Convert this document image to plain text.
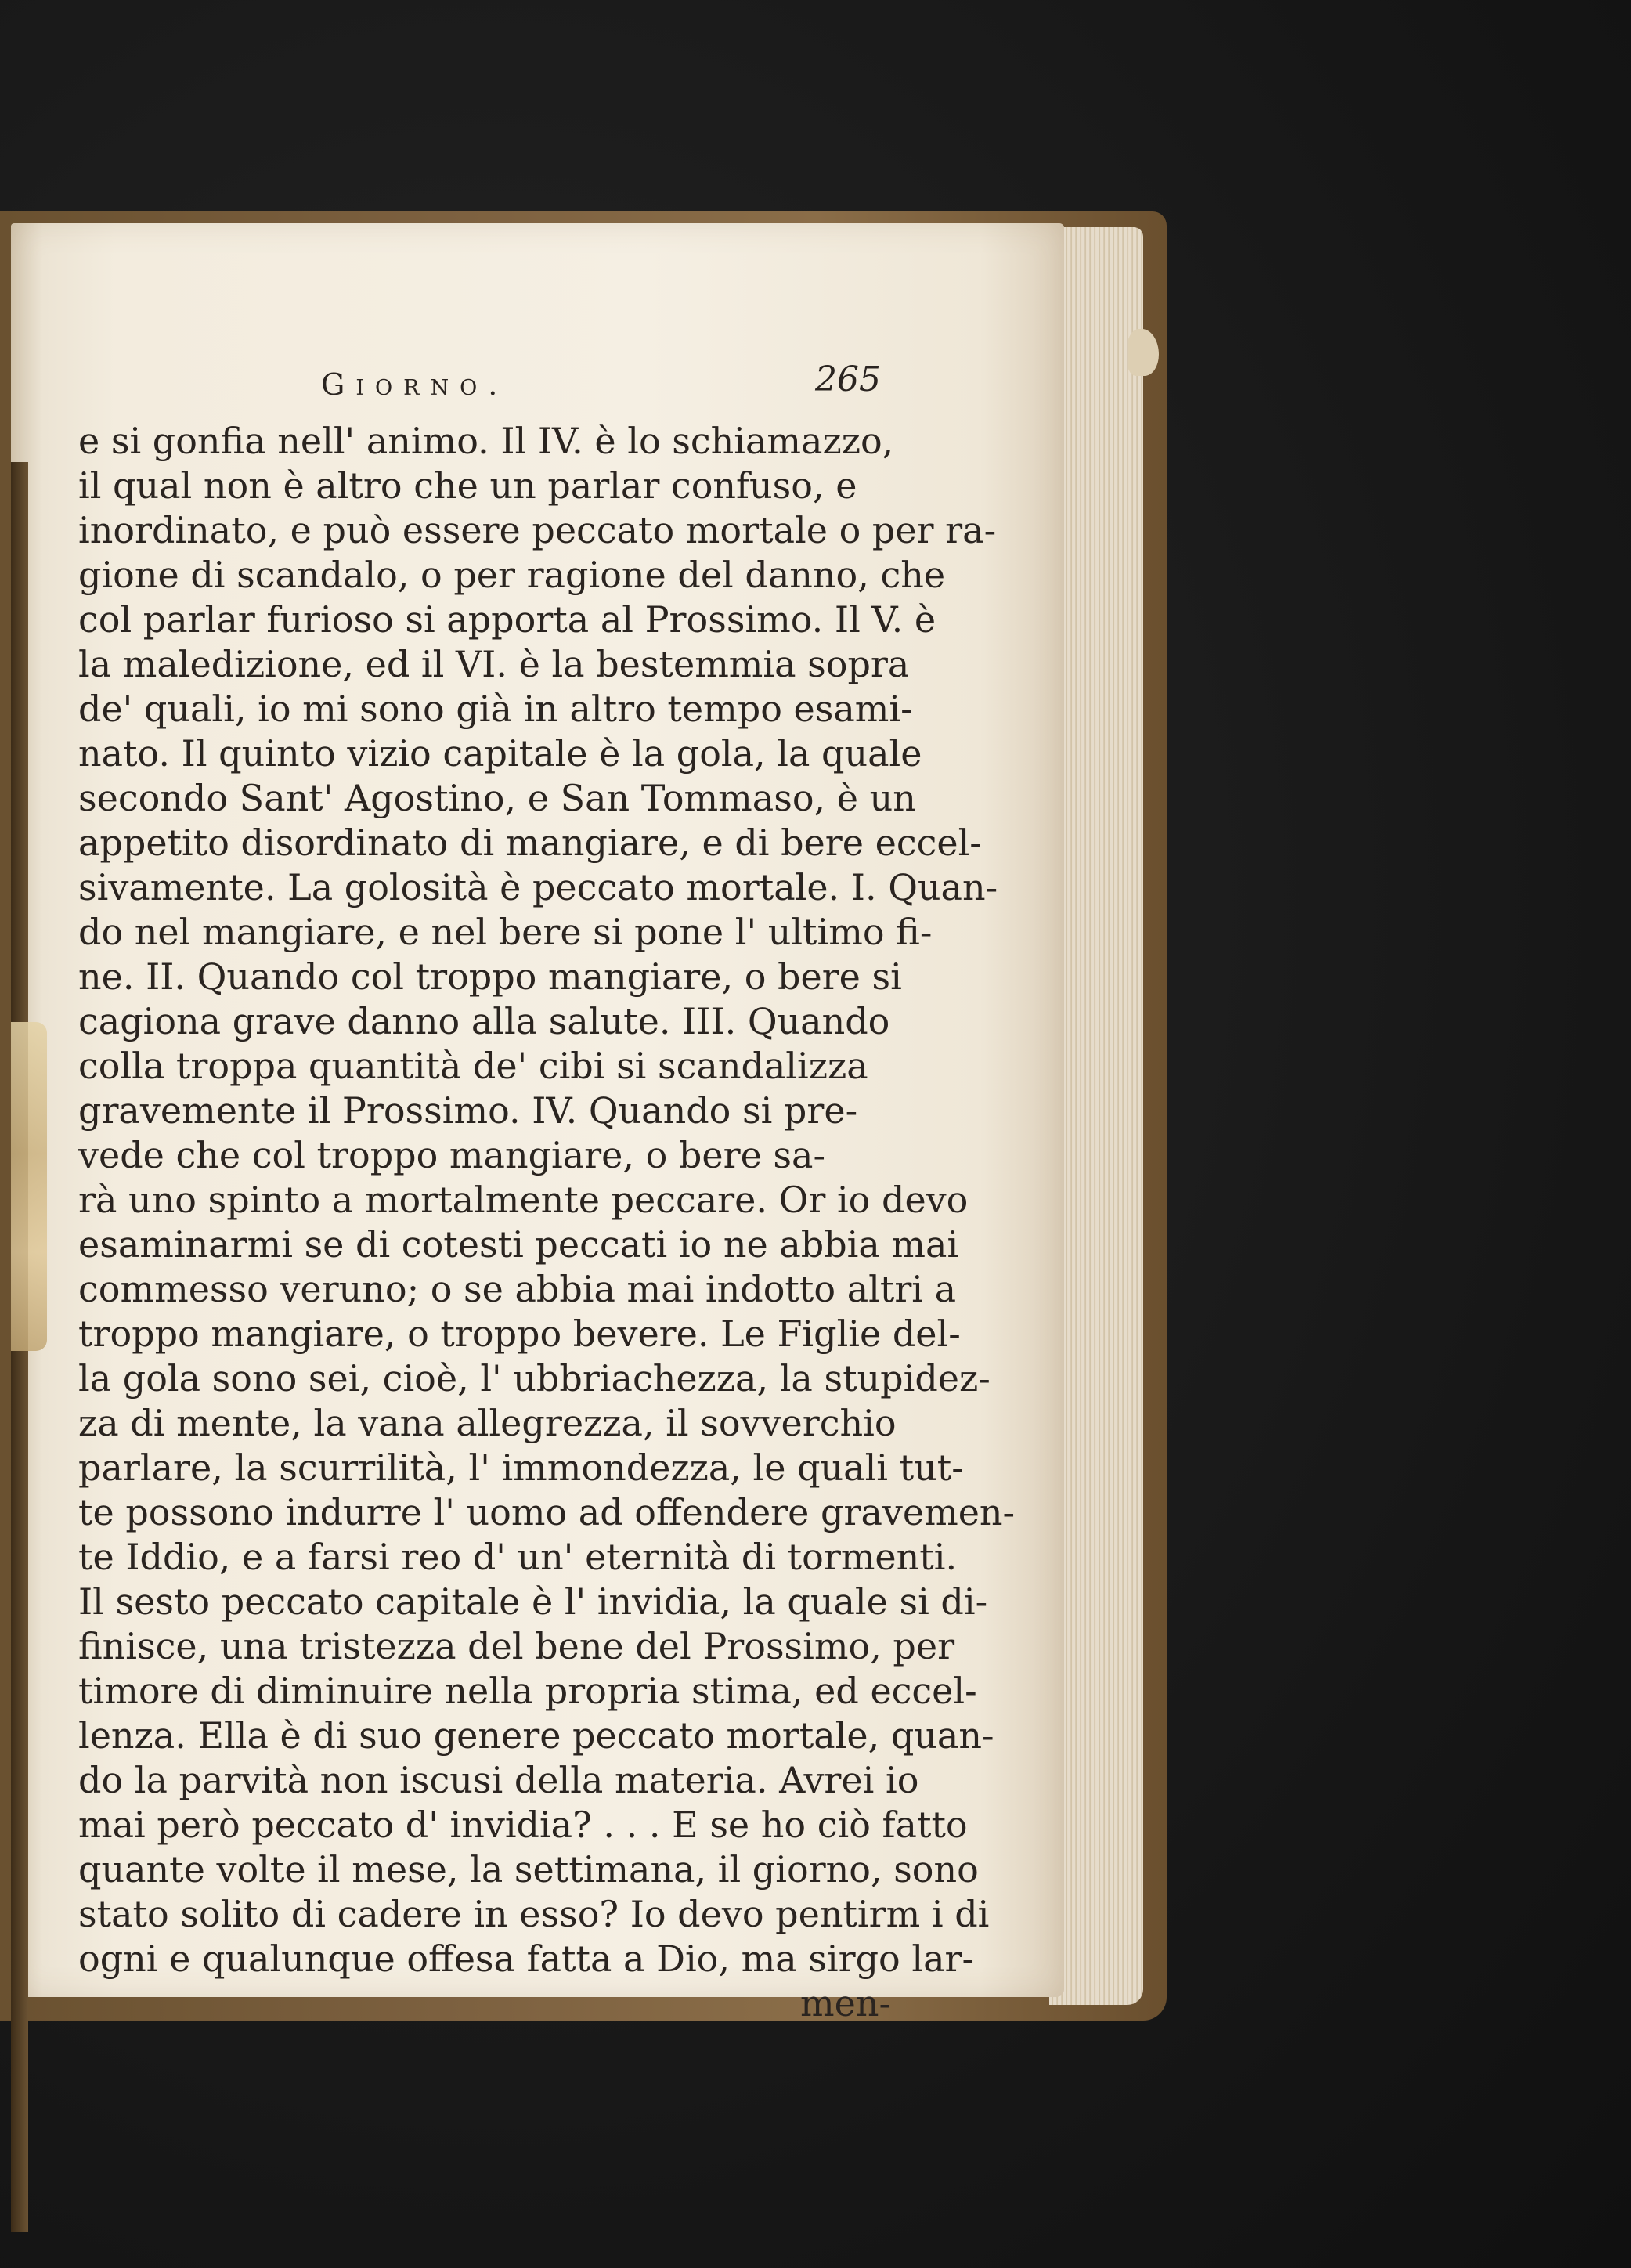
Giorno.	265
e si gonfia nell' animo. Il IV. è lo schiamazzo,
il qual non è altro che un parlar confuso, e
inordinato, e può essere peccato mortale o per ra-
gione di scandalo, o per ragione del danno, che
col parlar furioso si apporta al Prossimo. Il V. è
la maledizione, ed il VI. è la bestemmia sopra
de' quali, io mi sono già in altro tempo esami-
nato. Il quinto vizio capitale è la gola, la quale
secondo Sant' Agostino, e San Tommaso, è un
appetito disordinato di mangiare, e di bere eccel-
sivamente. La golosità è peccato mortale. I. Quan-
do nel mangiare, e nel bere si pone l' ultimo fi-
ne. II. Quando col troppo mangiare, o bere si
cagiona grave danno alla salute. III. Quando
colla troppa quantità de' cibi si scandalizza
gravemente il Prossimo. IV. Quando si pre-
vede che col troppo mangiare, o bere sa-
rà uno spinto a mortalmente peccare. Or io devo
esaminarmi se di cotesti peccati io ne abbia mai
commesso veruno; o se abbia mai indotto altri a
troppo mangiare, o troppo bevere. Le Figlie del-
la gola sono sei, cioè, l' ubbriachezza, la stupidez-
za di mente, la vana allegrezza, il sovverchio
parlare, la scurrilità, l' immondezza, le quali tut-
te possono indurre l' uomo ad offendere gravemen-
te Iddio, e a farsi reo d' un' eternità di tormenti.
Il sesto peccato capitale è l' invidia, la quale si di-
finisce, una tristezza del bene del Prossimo, per
timore di diminuire nella propria stima, ed eccel-
lenza. Ella è di suo genere peccato mortale, quan-
do la parvità non iscusi della materia. Avrei io
mai però peccato d' invidia? . . . E se ho ciò fatto
quante volte il mese, la settimana, il giorno, sono
stato solito di cadere in esso? Io devo pentirm i di
ogni e qualunque offesa fatta a Dio, ma sirgo lar-
men-
